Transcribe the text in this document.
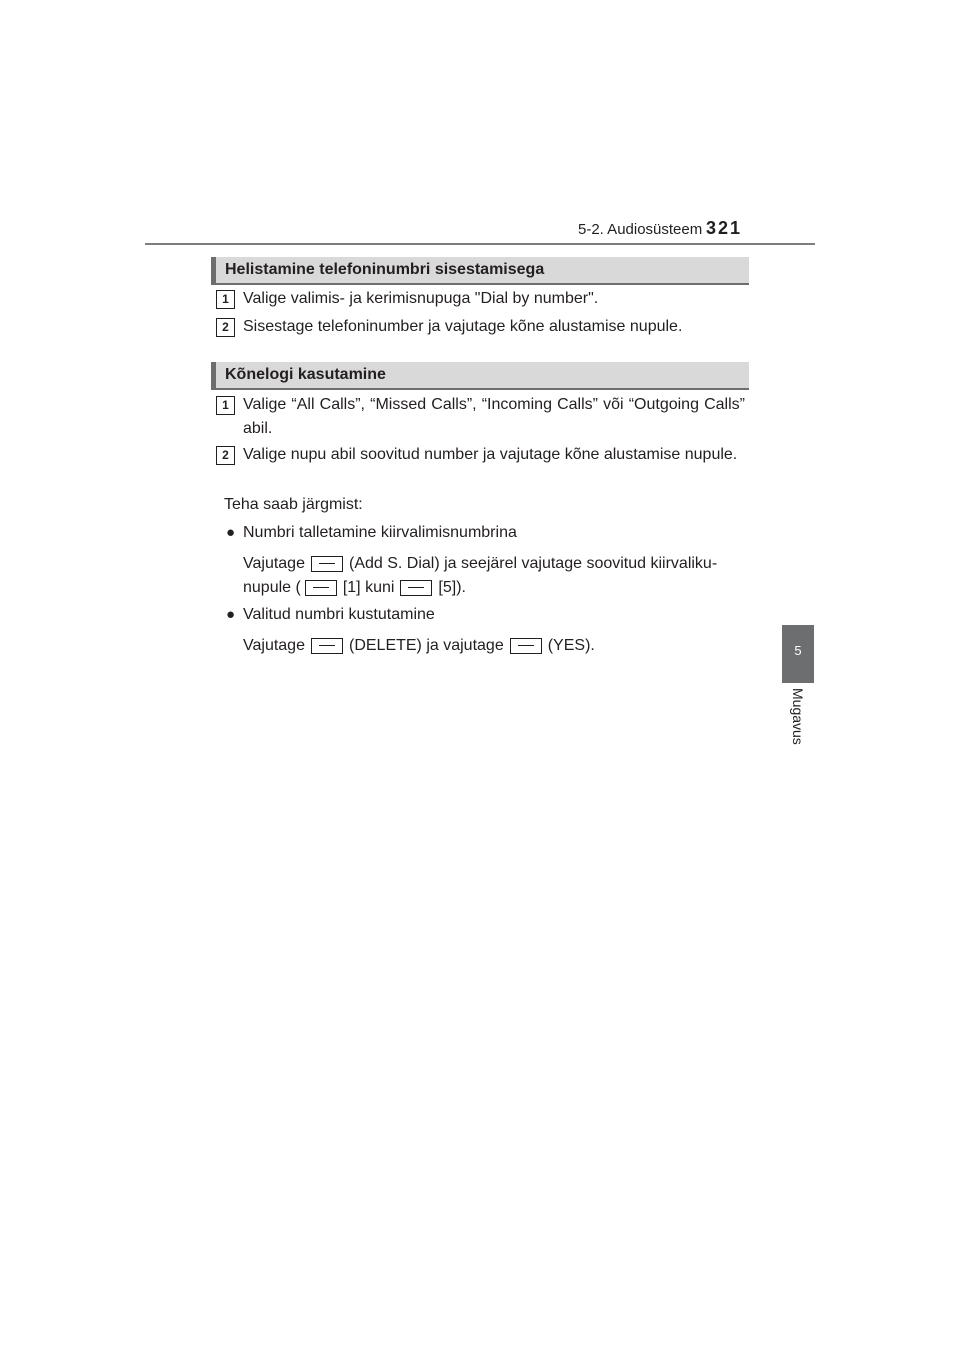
5-2. Audiosüsteem 321
5
Mugavus
Helistamine telefoninumbri sisestamisega
1 Valige valimis- ja kerimisnupuga "Dial by number".
2 Sisestage telefoninumber ja vajutage kõne alustamise nupule.
Kõnelogi kasutamine
1 Valige “All Calls”, “Missed Calls”, “Incoming Calls” või “Outgoing Calls” abil.
2 Valige nupu abil soovitud number ja vajutage kõne alustamise nupule.
Teha saab järgmist:
● Numbri talletamine kiirvalimisnumbrina
Vajutage	(Add S. Dial) ja seejärel vajutage soovitud kiirvaliku-
nupule (	[1] kuni	[5]).
● Valitud numbri kustutamine
Vajutage	(DELETE) ja vajutage	(YES).
